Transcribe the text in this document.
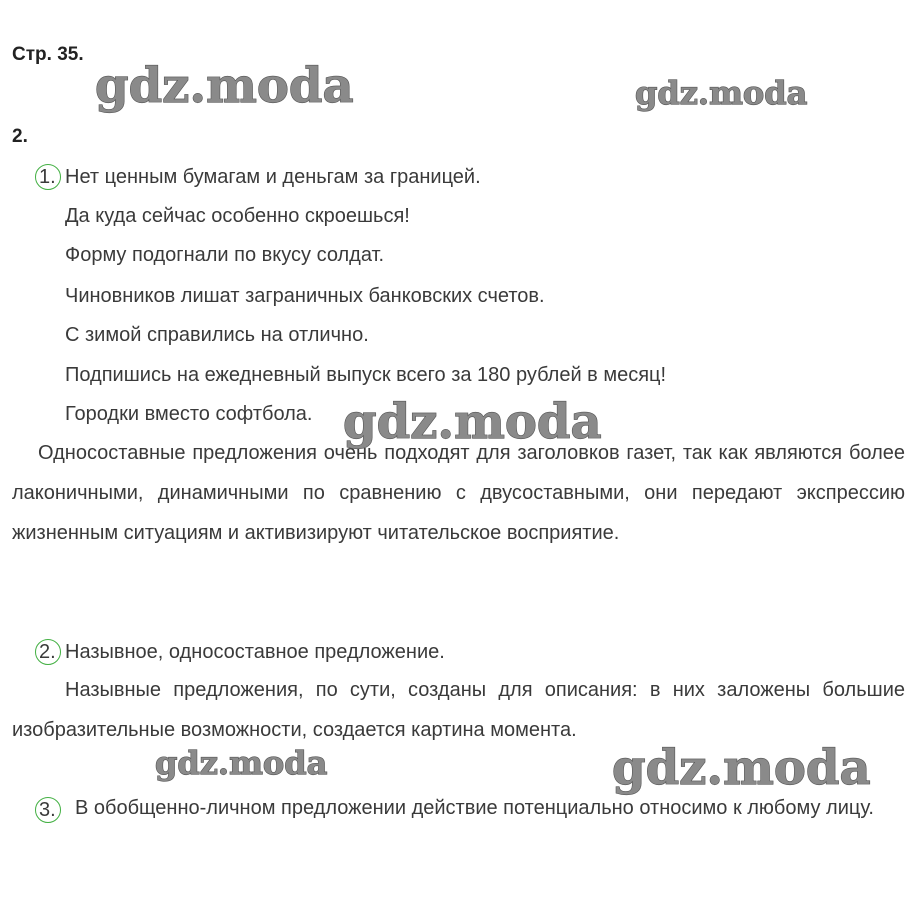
Стр. 35.
2.
1. Нет ценным бумагам и деньгам за границей.
Да куда сейчас особенно скроешься!
Форму подогнали по вкусу солдат.
Чиновников лишат заграничных банковских счетов.
С зимой справились на отлично.
Подпишись на ежедневный выпуск всего за 180 рублей в месяц!
Городки вместо софтбола.
Односоставные предложения очень подходят для заголовков газет, так как являются более лаконичными, динамичными по сравнению с двусоставными, они передают экспрессию жизненным ситуациям и активизируют читательское восприятие.
2. Назывное, односоставное предложение.
Назывные предложения, по сути, созданы для описания: в них заложены большие изобразительные возможности, создается картина момента.
3. В обобщенно-личном предложении действие потенциально относимо к любому лицу.
gdz.moda	gdz.moda
gdz.moda
gdz.moda	gdz.moda
